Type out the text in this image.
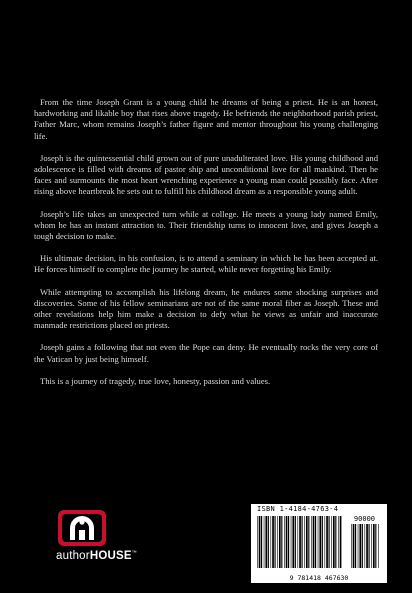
From the time Joseph Grant is a young child he dreams of being a priest. He is an honest, hardworking and likable boy that rises above tragedy. He befriends the neighborhood parish priest, Father Marc, whom remains Joseph’s father figure and mentor throughout his young challenging life.

Joseph is the quintessential child grown out of pure unadulterated love. His young childhood and adolescence is filled with dreams of pastor ship and unconditional love for all mankind. Then he faces and surmounts the most heart wrenching experience a young man could possibly face. After rising above heartbreak he sets out to fulfill his childhood dream as a responsible young adult.

Joseph’s life takes an unexpected turn while at college. He meets a young lady named Emily, whom he has an instant attraction to. Their friendship turns to innocent love, and gives Joseph a tough decision to make.

His ultimate decision, in his confusion, is to attend a seminary in which he has been accepted at. He forces himself to complete the journey he started, while never forgetting his Emily.

While attempting to accomplish his lifelong dream, he endures some shocking surprises and discoveries. Some of his fellow seminarians are not of the same moral fiber as Joseph. These and other revelations help him make a decision to defy what he views as unfair and inaccurate manmade restrictions placed on priests.

Joseph gains a following that not even the Pope can deny. He eventually rocks the very core of the Vatican by just being himself.

This is a journey of tragedy, true love, honesty, passion and values.

authorHOUSE™
ISBN 1-4184-4763-4
90000
9 781418 467630
